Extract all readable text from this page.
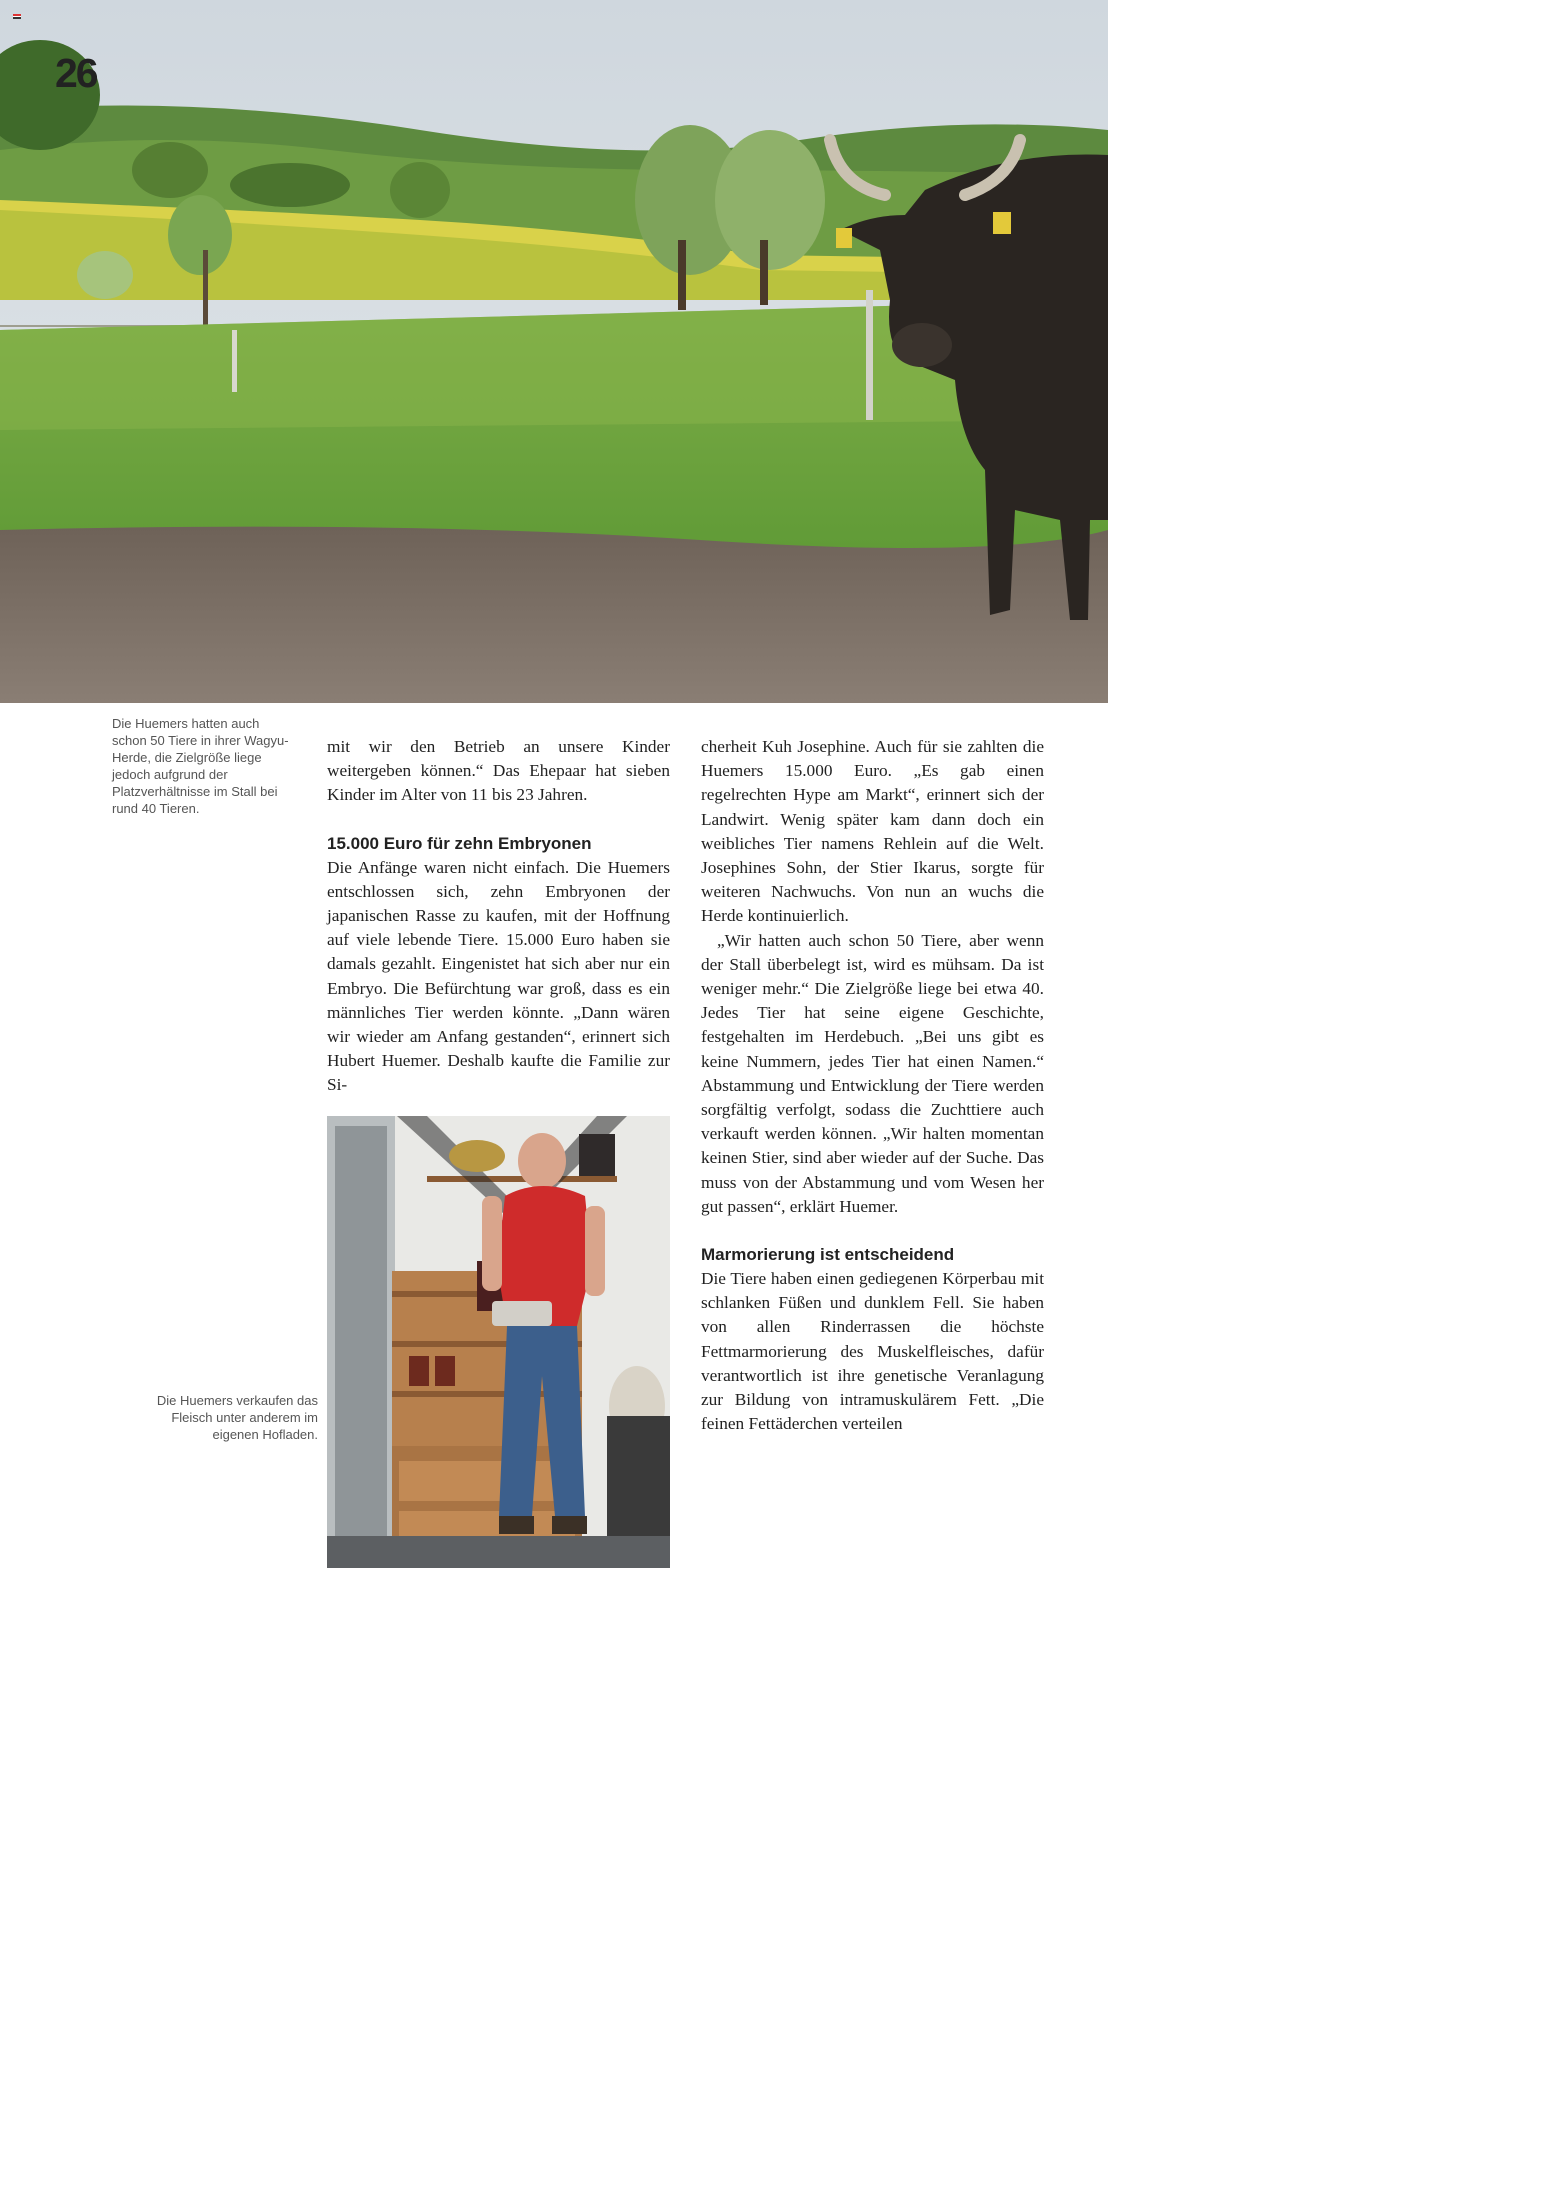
26

Die Huemers hatten auch schon 50 Tiere in ihrer Wagyu-Herde, die Zielgröße liege jedoch aufgrund der Platzverhältnisse im Stall bei rund 40 Tieren.

Die Huemers verkaufen das Fleisch unter anderem im eigenen Hofladen.

mit wir den Betrieb an unsere Kinder weitergeben können.“ Das Ehepaar hat sieben Kinder im Alter von 11 bis 23 Jahren.

15.000 Euro für zehn Embryonen

Die Anfänge waren nicht einfach. Die Huemers entschlossen sich, zehn Embryonen der japanischen Rasse zu kaufen, mit der Hoffnung auf viele lebende Tiere. 15.000 Euro haben sie damals gezahlt. Eingenistet hat sich aber nur ein Embryo. Die Befürchtung war groß, dass es ein männliches Tier werden könnte. „Dann wären wir wieder am Anfang gestanden“, erinnert sich Hubert Huemer. Deshalb kaufte die Familie zur Si-

cherheit Kuh Josephine. Auch für sie zahlten die Huemers 15.000 Euro. „Es gab einen regelrechten Hype am Markt“, erinnert sich der Landwirt. Wenig später kam dann doch ein weibliches Tier namens Rehlein auf die Welt. Josephines Sohn, der Stier Ikarus, sorgte für weiteren Nachwuchs. Von nun an wuchs die Herde kontinuierlich.

„Wir hatten auch schon 50 Tiere, aber wenn der Stall überbelegt ist, wird es mühsam. Da ist weniger mehr.“ Die Zielgröße liege bei etwa 40. Jedes Tier hat seine eigene Geschichte, festgehalten im Herdebuch. „Bei uns gibt es keine Nummern, jedes Tier hat einen Namen.“ Abstammung und Entwicklung der Tiere werden sorgfältig verfolgt, sodass die Zuchttiere auch verkauft werden können. „Wir halten momentan keinen Stier, sind aber wieder auf der Suche. Das muss von der Abstammung und vom Wesen her gut passen“, erklärt Huemer.

Marmorierung ist entscheidend

Die Tiere haben einen gediegenen Körperbau mit schlanken Füßen und dunklem Fell. Sie haben von allen Rinderrassen die höchste Fettmarmorierung des Muskelfleisches, dafür verantwortlich ist ihre genetische Veranlagung zur Bildung von intramuskulärem Fett. „Die feinen Fettäderchen verteilen
